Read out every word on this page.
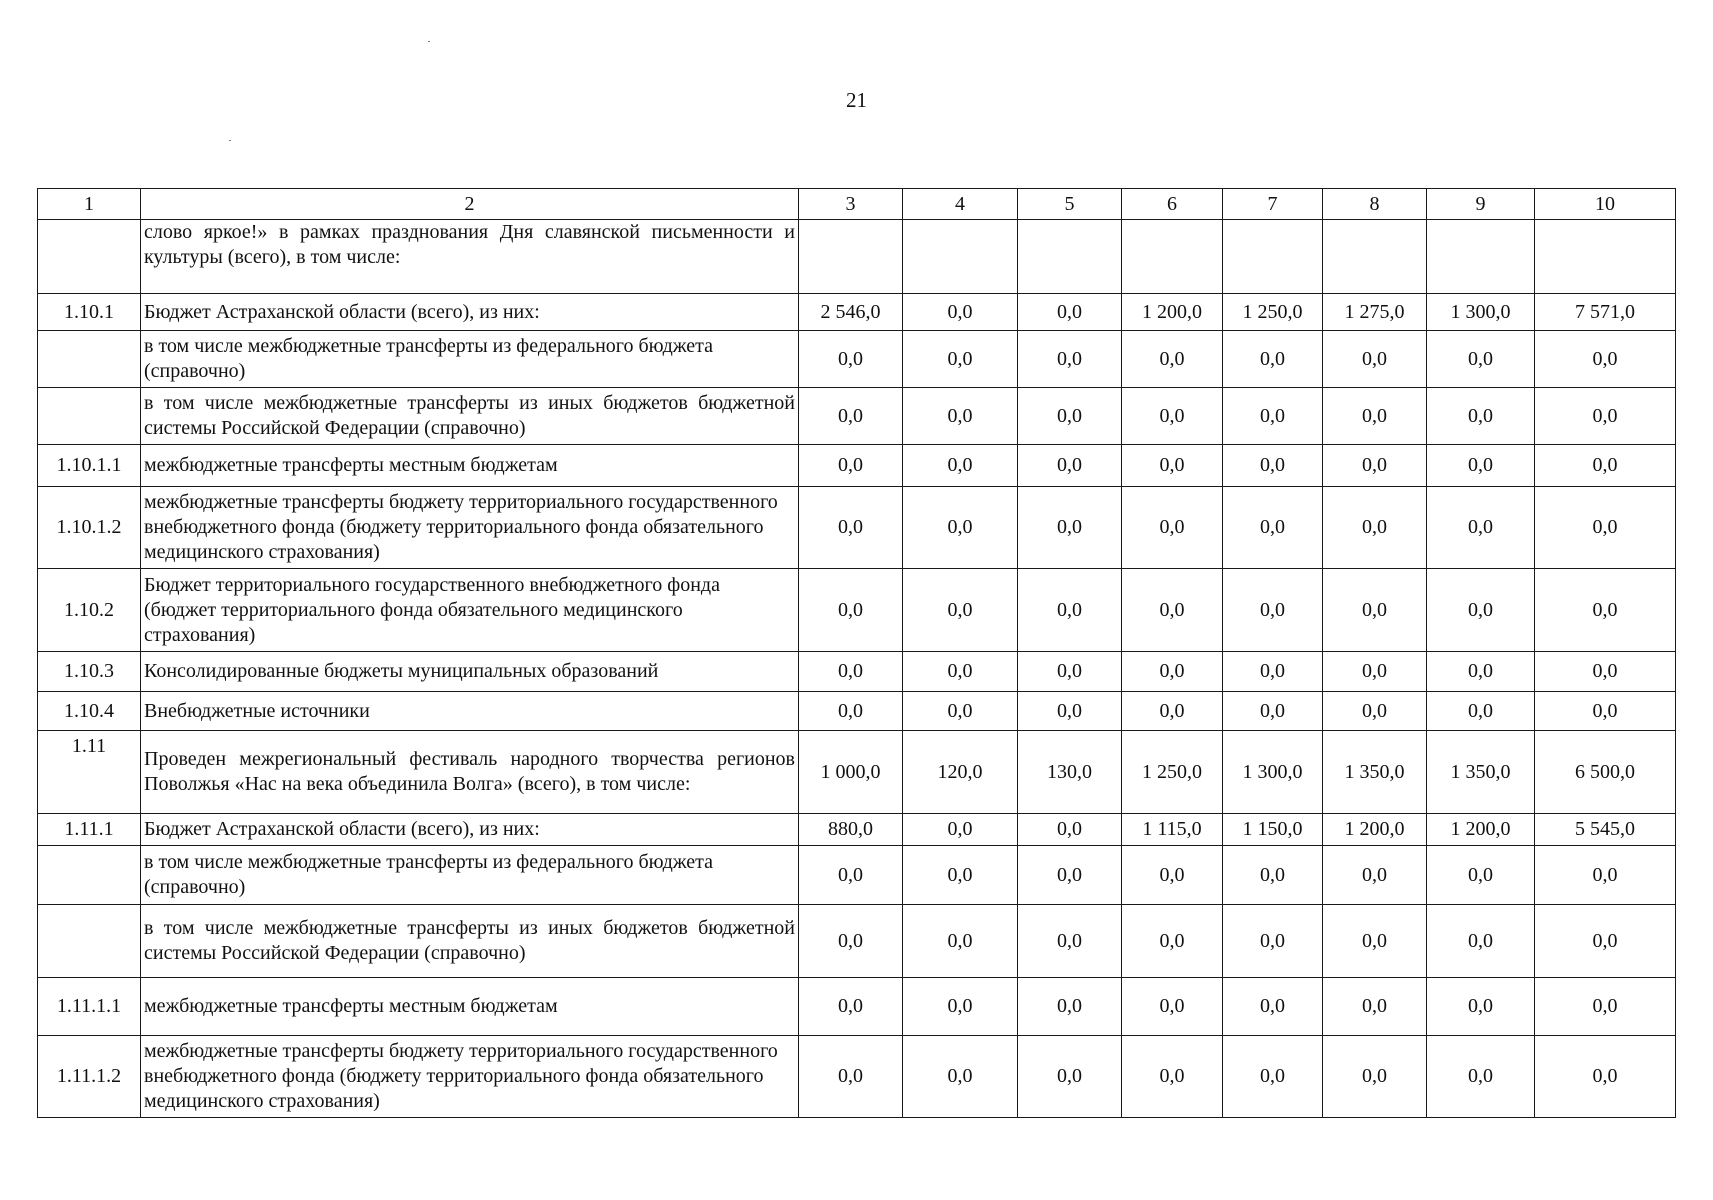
21
1	2	3	4	5	6	7	8	9	10
	слово яркое!» в рамках празднования Дня славянской письменности и культуры (всего), в том числе:								
1.10.1	Бюджет Астраханской области (всего), из них:	2 546,0	0,0	0,0	1 200,0	1 250,0	1 275,0	1 300,0	7 571,0
	в том числе межбюджетные трансферты из федерального бюджета (справочно)	0,0	0,0	0,0	0,0	0,0	0,0	0,0	0,0
	в том числе межбюджетные трансферты из иных бюджетов бюджетной системы Российской Федерации (справочно)	0,0	0,0	0,0	0,0	0,0	0,0	0,0	0,0
1.10.1.1	межбюджетные трансферты местным бюджетам	0,0	0,0	0,0	0,0	0,0	0,0	0,0	0,0
1.10.1.2	межбюджетные трансферты бюджету территориального государственного внебюджетного фонда (бюджету территориального фонда обязательного медицинского страхования)	0,0	0,0	0,0	0,0	0,0	0,0	0,0	0,0
1.10.2	Бюджет территориального государственного внебюджетного фонда (бюджет территориального фонда обязательного медицинского страхования)	0,0	0,0	0,0	0,0	0,0	0,0	0,0	0,0
1.10.3	Консолидированные бюджеты муниципальных образований	0,0	0,0	0,0	0,0	0,0	0,0	0,0	0,0
1.10.4	Внебюджетные источники	0,0	0,0	0,0	0,0	0,0	0,0	0,0	0,0
1.11	Проведен межрегиональный фестиваль народного творчества регионов Поволжья «Нас на века объединила Волга» (всего), в том числе:	1 000,0	120,0	130,0	1 250,0	1 300,0	1 350,0	1 350,0	6 500,0
1.11.1	Бюджет Астраханской области (всего), из них:	880,0	0,0	0,0	1 115,0	1 150,0	1 200,0	1 200,0	5 545,0
	в том числе межбюджетные трансферты из федерального бюджета (справочно)	0,0	0,0	0,0	0,0	0,0	0,0	0,0	0,0
	в том числе межбюджетные трансферты из иных бюджетов бюджетной системы Российской Федерации (справочно)	0,0	0,0	0,0	0,0	0,0	0,0	0,0	0,0
1.11.1.1	межбюджетные трансферты местным бюджетам	0,0	0,0	0,0	0,0	0,0	0,0	0,0	0,0
1.11.1.2	межбюджетные трансферты бюджету территориального государственного внебюджетного фонда (бюджету территориального фонда обязательного медицинского страхования)	0,0	0,0	0,0	0,0	0,0	0,0	0,0	0,0
